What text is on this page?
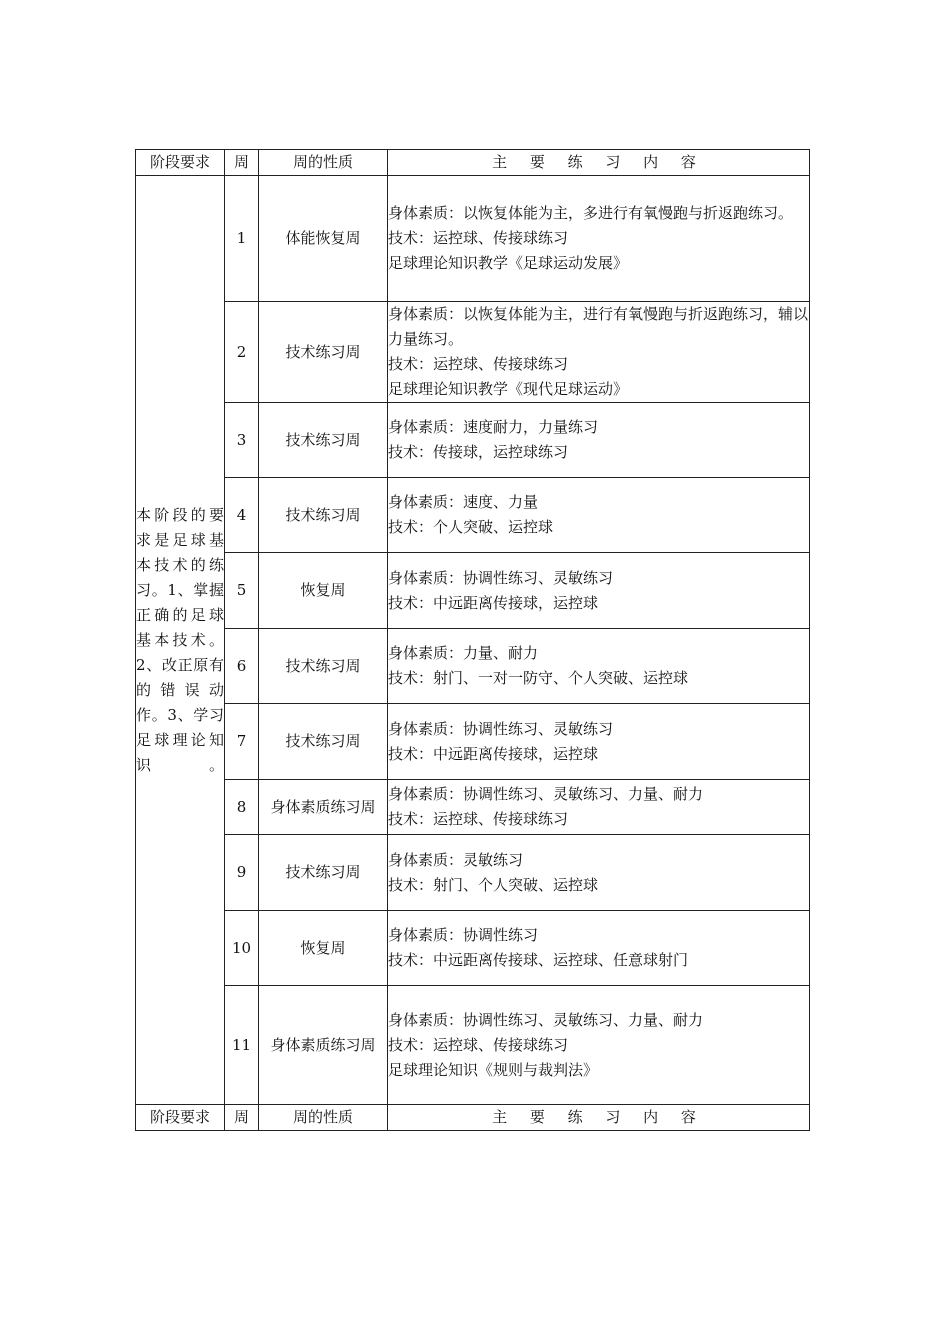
阶段要求	周	周的性质	主 要 练 习 内 容

本阶段的要求是足球基本技术的练习。1、掌握正确的足球基本技术。2、改正原有的错误动作。3、学习足球理论知识。	1	体能恢复周	身体素质：以恢复体能为主，多进行有氧慢跑与折返跑练习。
技术：运控球、传接球练习
足球理论知识教学《足球运动发展》

	2	技术练习周	身体素质：以恢复体能为主，进行有氧慢跑与折返跑练习，辅以力量练习。
技术：运控球、传接球练习
足球理论知识教学《现代足球运动》

	3	技术练习周	身体素质：速度耐力，力量练习
技术：传接球，运控球练习

	4	技术练习周	身体素质：速度、力量
技术：个人突破、运控球

	5	恢复周	身体素质：协调性练习、灵敏练习
技术：中远距离传接球，运控球

	6	技术练习周	身体素质：力量、耐力
技术：射门、一对一防守、个人突破、运控球

	7	技术练习周	身体素质：协调性练习、灵敏练习
技术：中远距离传接球，运控球

	8	身体素质练习周	身体素质：协调性练习、灵敏练习、力量、耐力
技术：运控球、传接球练习

	9	技术练习周	身体素质：灵敏练习
技术：射门、个人突破、运控球

	10	恢复周	身体素质：协调性练习
技术：中远距离传接球、运控球、任意球射门

	11	身体素质练习周	身体素质：协调性练习、灵敏练习、力量、耐力
技术：运控球、传接球练习
足球理论知识《规则与裁判法》
阶段要求	周	周的性质	主 要 练 习 内 容
